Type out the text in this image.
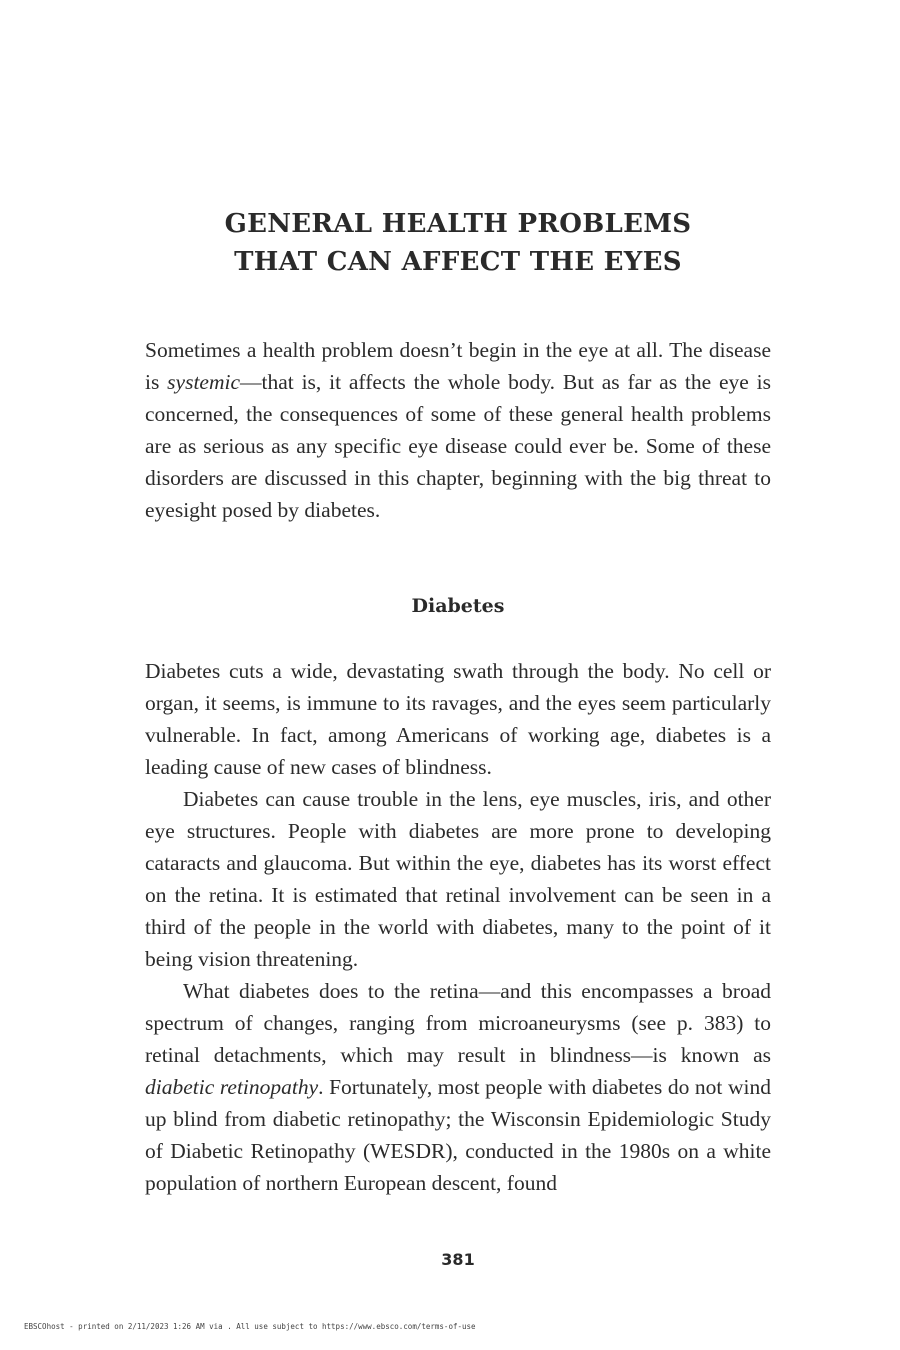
GENERAL HEALTH PROBLEMS
THAT CAN AFFECT THE EYES

Sometimes a health problem doesn’t begin in the eye at all. The disease is systemic—that is, it affects the whole body. But as far as the eye is concerned, the consequences of some of these general health problems are as serious as any specific eye disease could ever be. Some of these disorders are discussed in this chapter, beginning with the big threat to eyesight posed by diabetes.

Diabetes

Diabetes cuts a wide, devastating swath through the body. No cell or organ, it seems, is immune to its ravages, and the eyes seem particularly vulnerable. In fact, among Americans of working age, diabetes is a leading cause of new cases of blindness.

Diabetes can cause trouble in the lens, eye muscles, iris, and other eye structures. People with diabetes are more prone to developing cataracts and glaucoma. But within the eye, diabetes has its worst effect on the retina. It is estimated that retinal involvement can be seen in a third of the people in the world with diabetes, many to the point of it being vision threatening.

What diabetes does to the retina—and this encompasses a broad spectrum of changes, ranging from microaneurysms (see p. 383) to retinal detachments, which may result in blindness—is known as diabetic retinopathy. Fortunately, most people with diabetes do not wind up blind from diabetic retinopathy; the Wisconsin Epidemiologic Study of Diabetic Retinopathy (WESDR), conducted in the 1980s on a white population of northern European descent, found

381
EBSCOhost - printed on 2/11/2023 1:26 AM via . All use subject to https://www.ebsco.com/terms-of-use
